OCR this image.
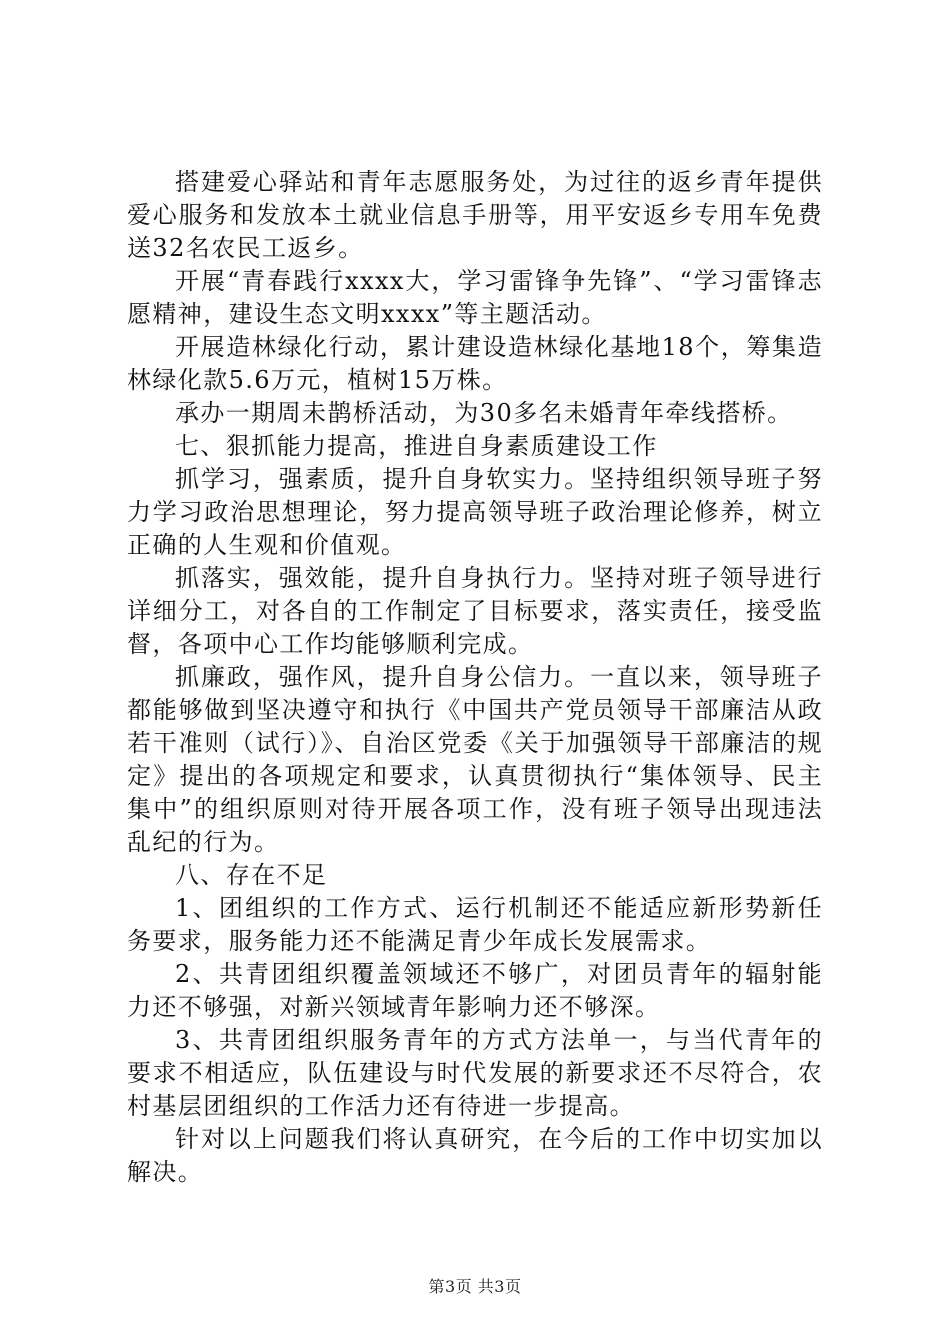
搭建爱心驿站和青年志愿服务处，为过往的返乡青年提供爱心服务和发放本土就业信息手册等，用平安返乡专用车免费送32名农民工返乡。

开展“青春践行xxxx大，学习雷锋争先锋”、“学习雷锋志愿精神，建设生态文明xxxx”等主题活动。

开展造林绿化行动，累计建设造林绿化基地18个，筹集造林绿化款5.6万元，植树15万株。

承办一期周未鹊桥活动，为30多名未婚青年牵线搭桥。

七、狠抓能力提高，推进自身素质建设工作

抓学习，强素质，提升自身软实力。坚持组织领导班子努力学习政治思想理论，努力提高领导班子政治理论修养，树立正确的人生观和价值观。

抓落实，强效能，提升自身执行力。坚持对班子领导进行详细分工，对各自的工作制定了目标要求，落实责任，接受监督，各项中心工作均能够顺利完成。

抓廉政，强作风，提升自身公信力。一直以来，领导班子都能够做到坚决遵守和执行《中国共产党员领导干部廉洁从政若干准则（试行）》、自治区党委《关于加强领导干部廉洁的规定》提出的各项规定和要求，认真贯彻执行“集体领导、民主集中”的组织原则对待开展各项工作，没有班子领导出现违法乱纪的行为。

八、存在不足

1、团组织的工作方式、运行机制还不能适应新形势新任务要求，服务能力还不能满足青少年成长发展需求。

2、共青团组织覆盖领域还不够广，对团员青年的辐射能力还不够强，对新兴领域青年影响力还不够深。

3、共青团组织服务青年的方式方法单一，与当代青年的要求不相适应，队伍建设与时代发展的新要求还不尽符合，农村基层团组织的工作活力还有待进一步提高。

针对以上问题我们将认真研究，在今后的工作中切实加以解决。

第3页 共3页
